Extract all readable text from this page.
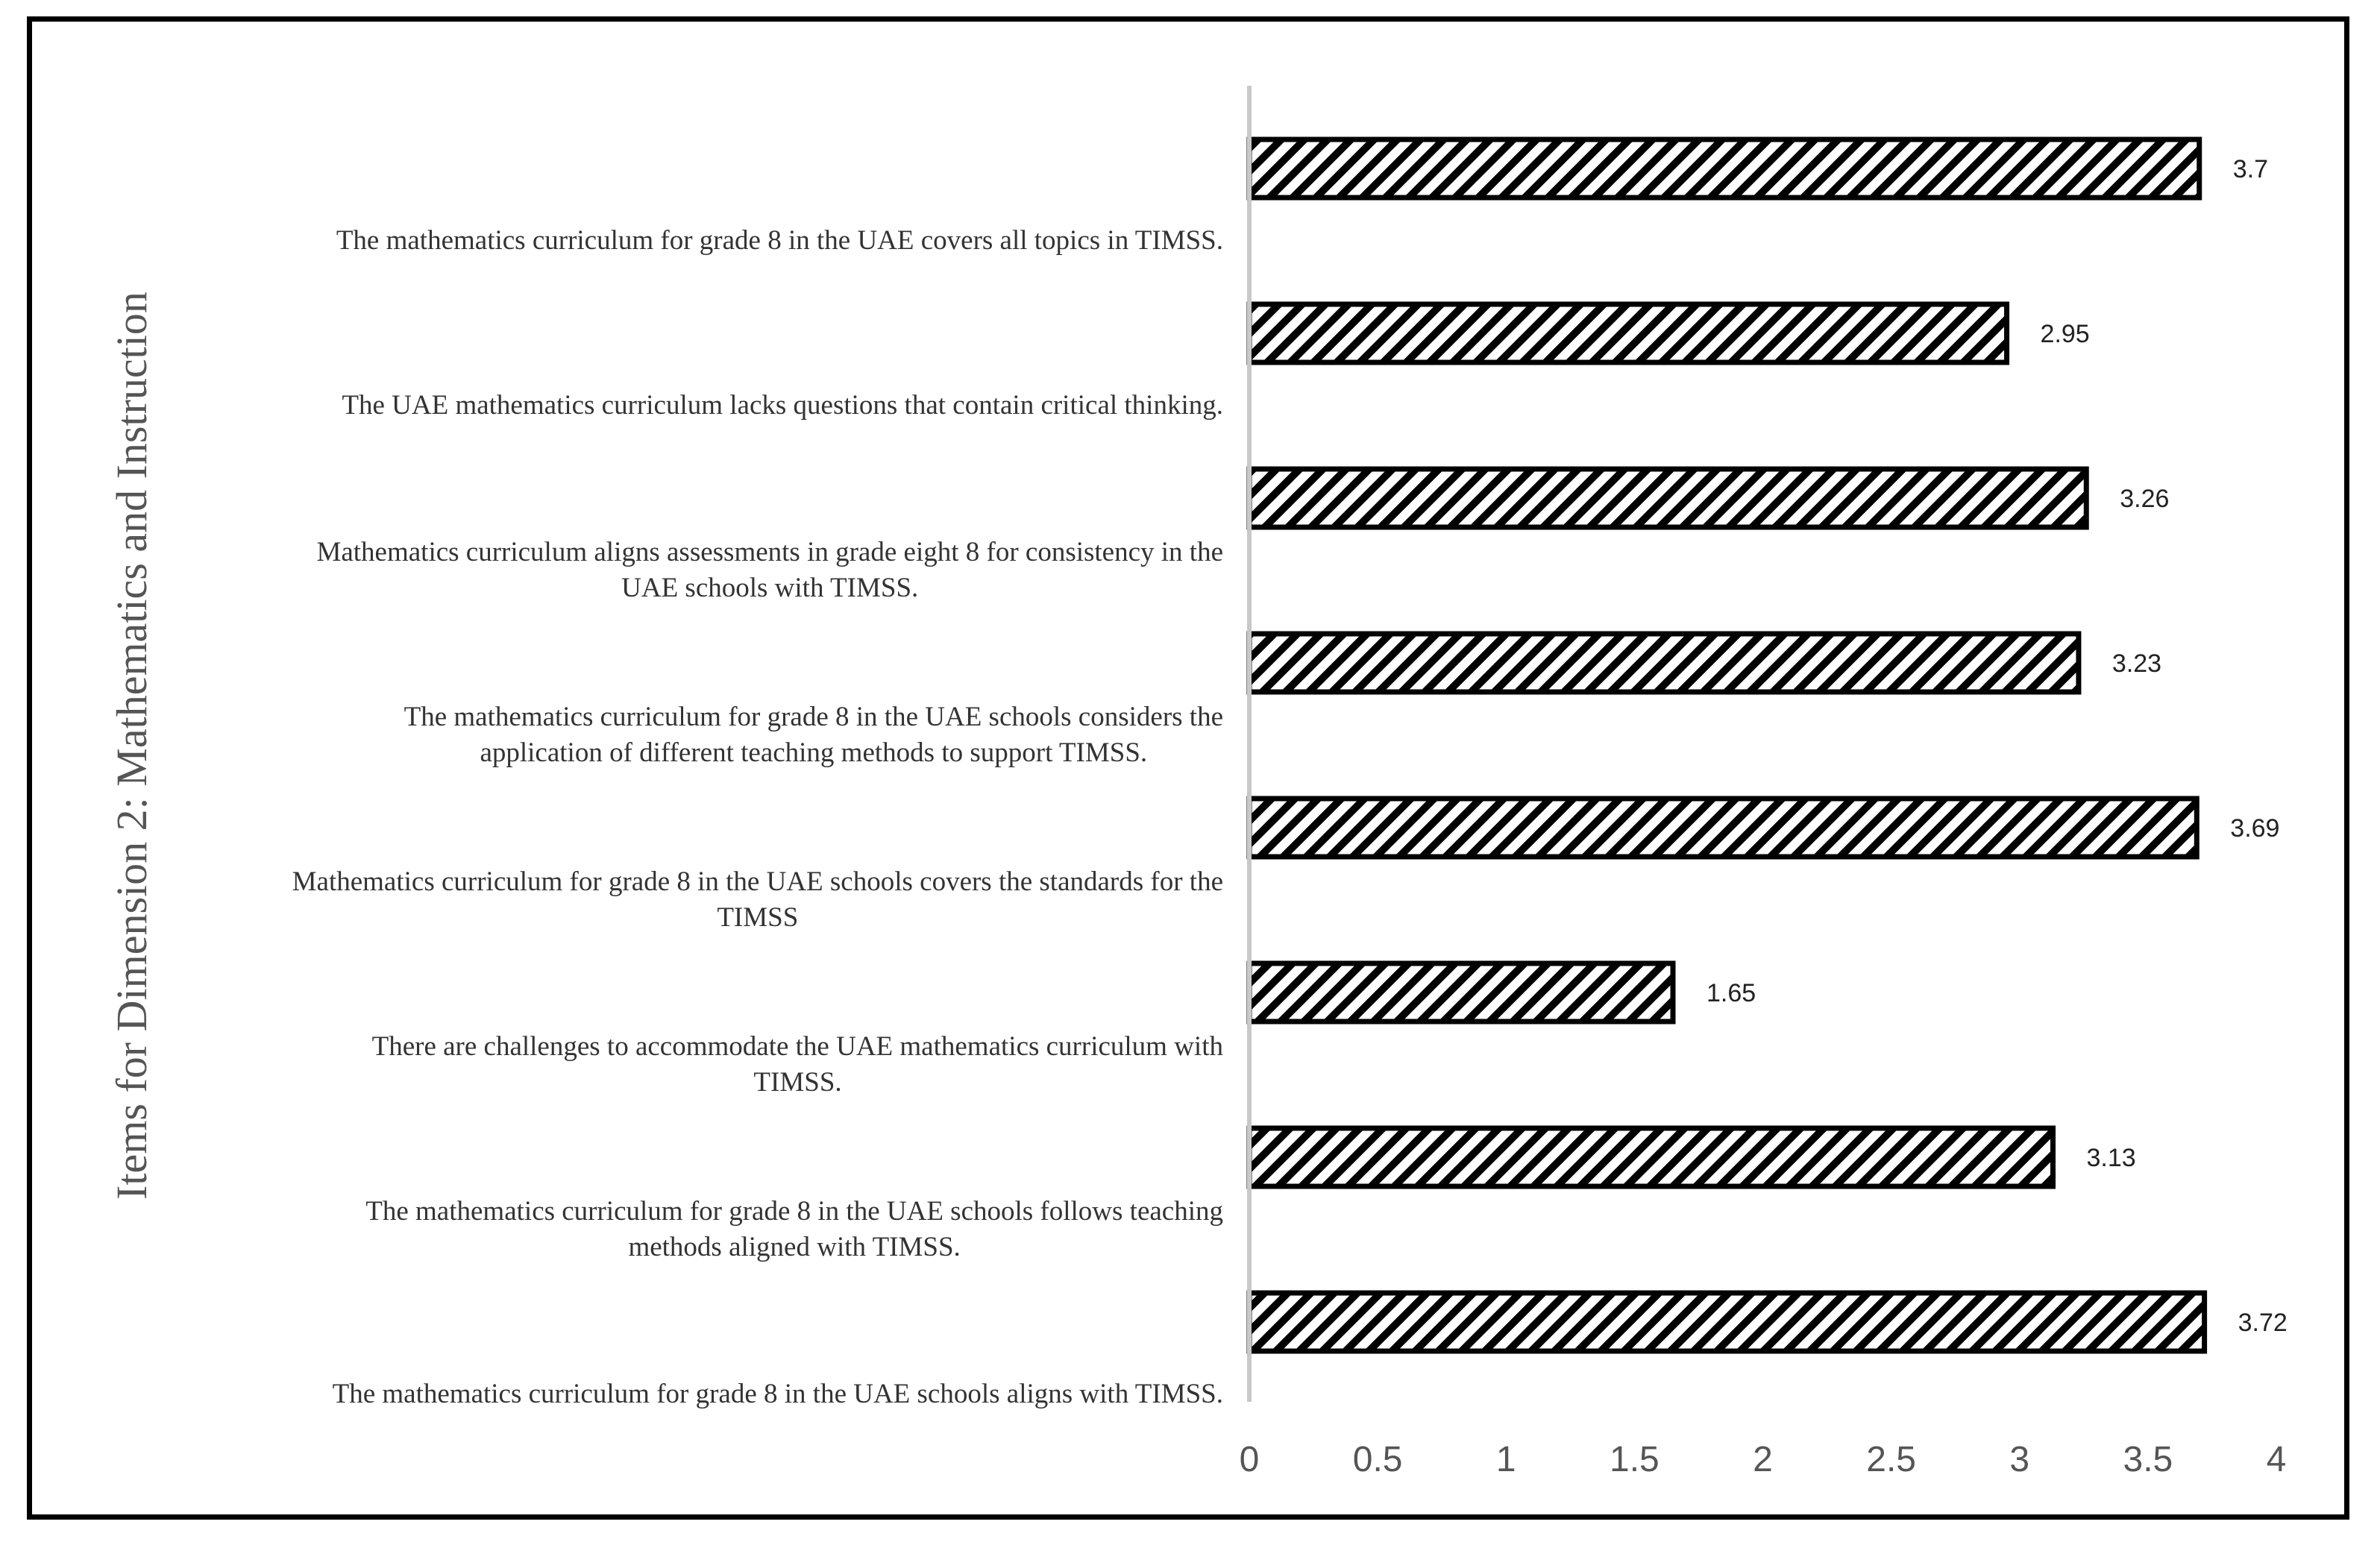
Items for Dimension 2: Mathematics and Instruction
The mathematics curriculum for grade 8 in the UAE covers all topics in TIMSS.
The UAE mathematics curriculum lacks questions that contain critical thinking.
Mathematics curriculum aligns assessments in grade eight 8 for consistency in the
UAE schools with TIMSS.
The mathematics curriculum for grade 8 in the UAE schools considers the
application of different teaching methods to support TIMSS.
Mathematics curriculum for grade 8 in the UAE schools covers the standards for the
TIMSS
There are challenges to accommodate the UAE mathematics curriculum with
TIMSS.
The mathematics curriculum for grade 8 in the UAE schools follows teaching
methods aligned with TIMSS.
The mathematics curriculum for grade 8 in the UAE schools aligns with TIMSS.
3.7
2.95
3.26
3.23
3.69
1.65
3.13
3.72
0	0.5	1	1.5	2	2.5	3	3.5	4
